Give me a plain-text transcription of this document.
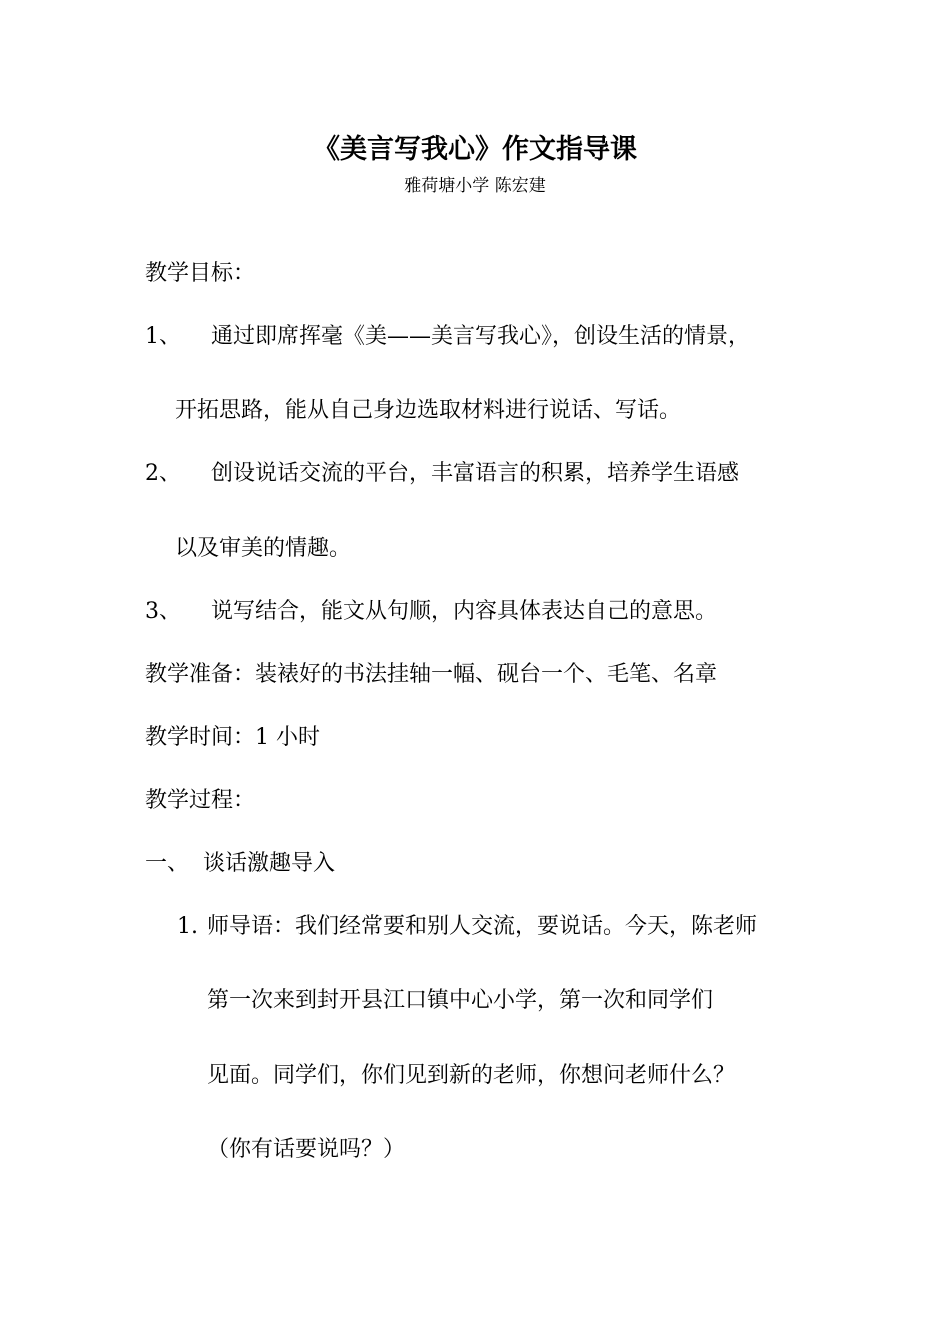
《美言写我心》作文指导课
雅荷塘小学 陈宏建
教学目标：
1、 通过即席挥毫《美——美言写我心》，创设生活的情景，
开拓思路，能从自己身边选取材料进行说话、写话。
2、 创设说话交流的平台，丰富语言的积累，培养学生语感
以及审美的情趣。
3、 说写结合，能文从句顺，内容具体表达自己的意思。
教学准备：装裱好的书法挂轴一幅、砚台一个、毛笔、名章
教学时间：1 小时
教学过程：
一、 谈话激趣导入
1. 师导语：我们经常要和别人交流，要说话。今天，陈老师
第一次来到封开县江口镇中心小学，第一次和同学们
见面。同学们，你们见到新的老师，你想问老师什么？
（你有话要说吗？）
